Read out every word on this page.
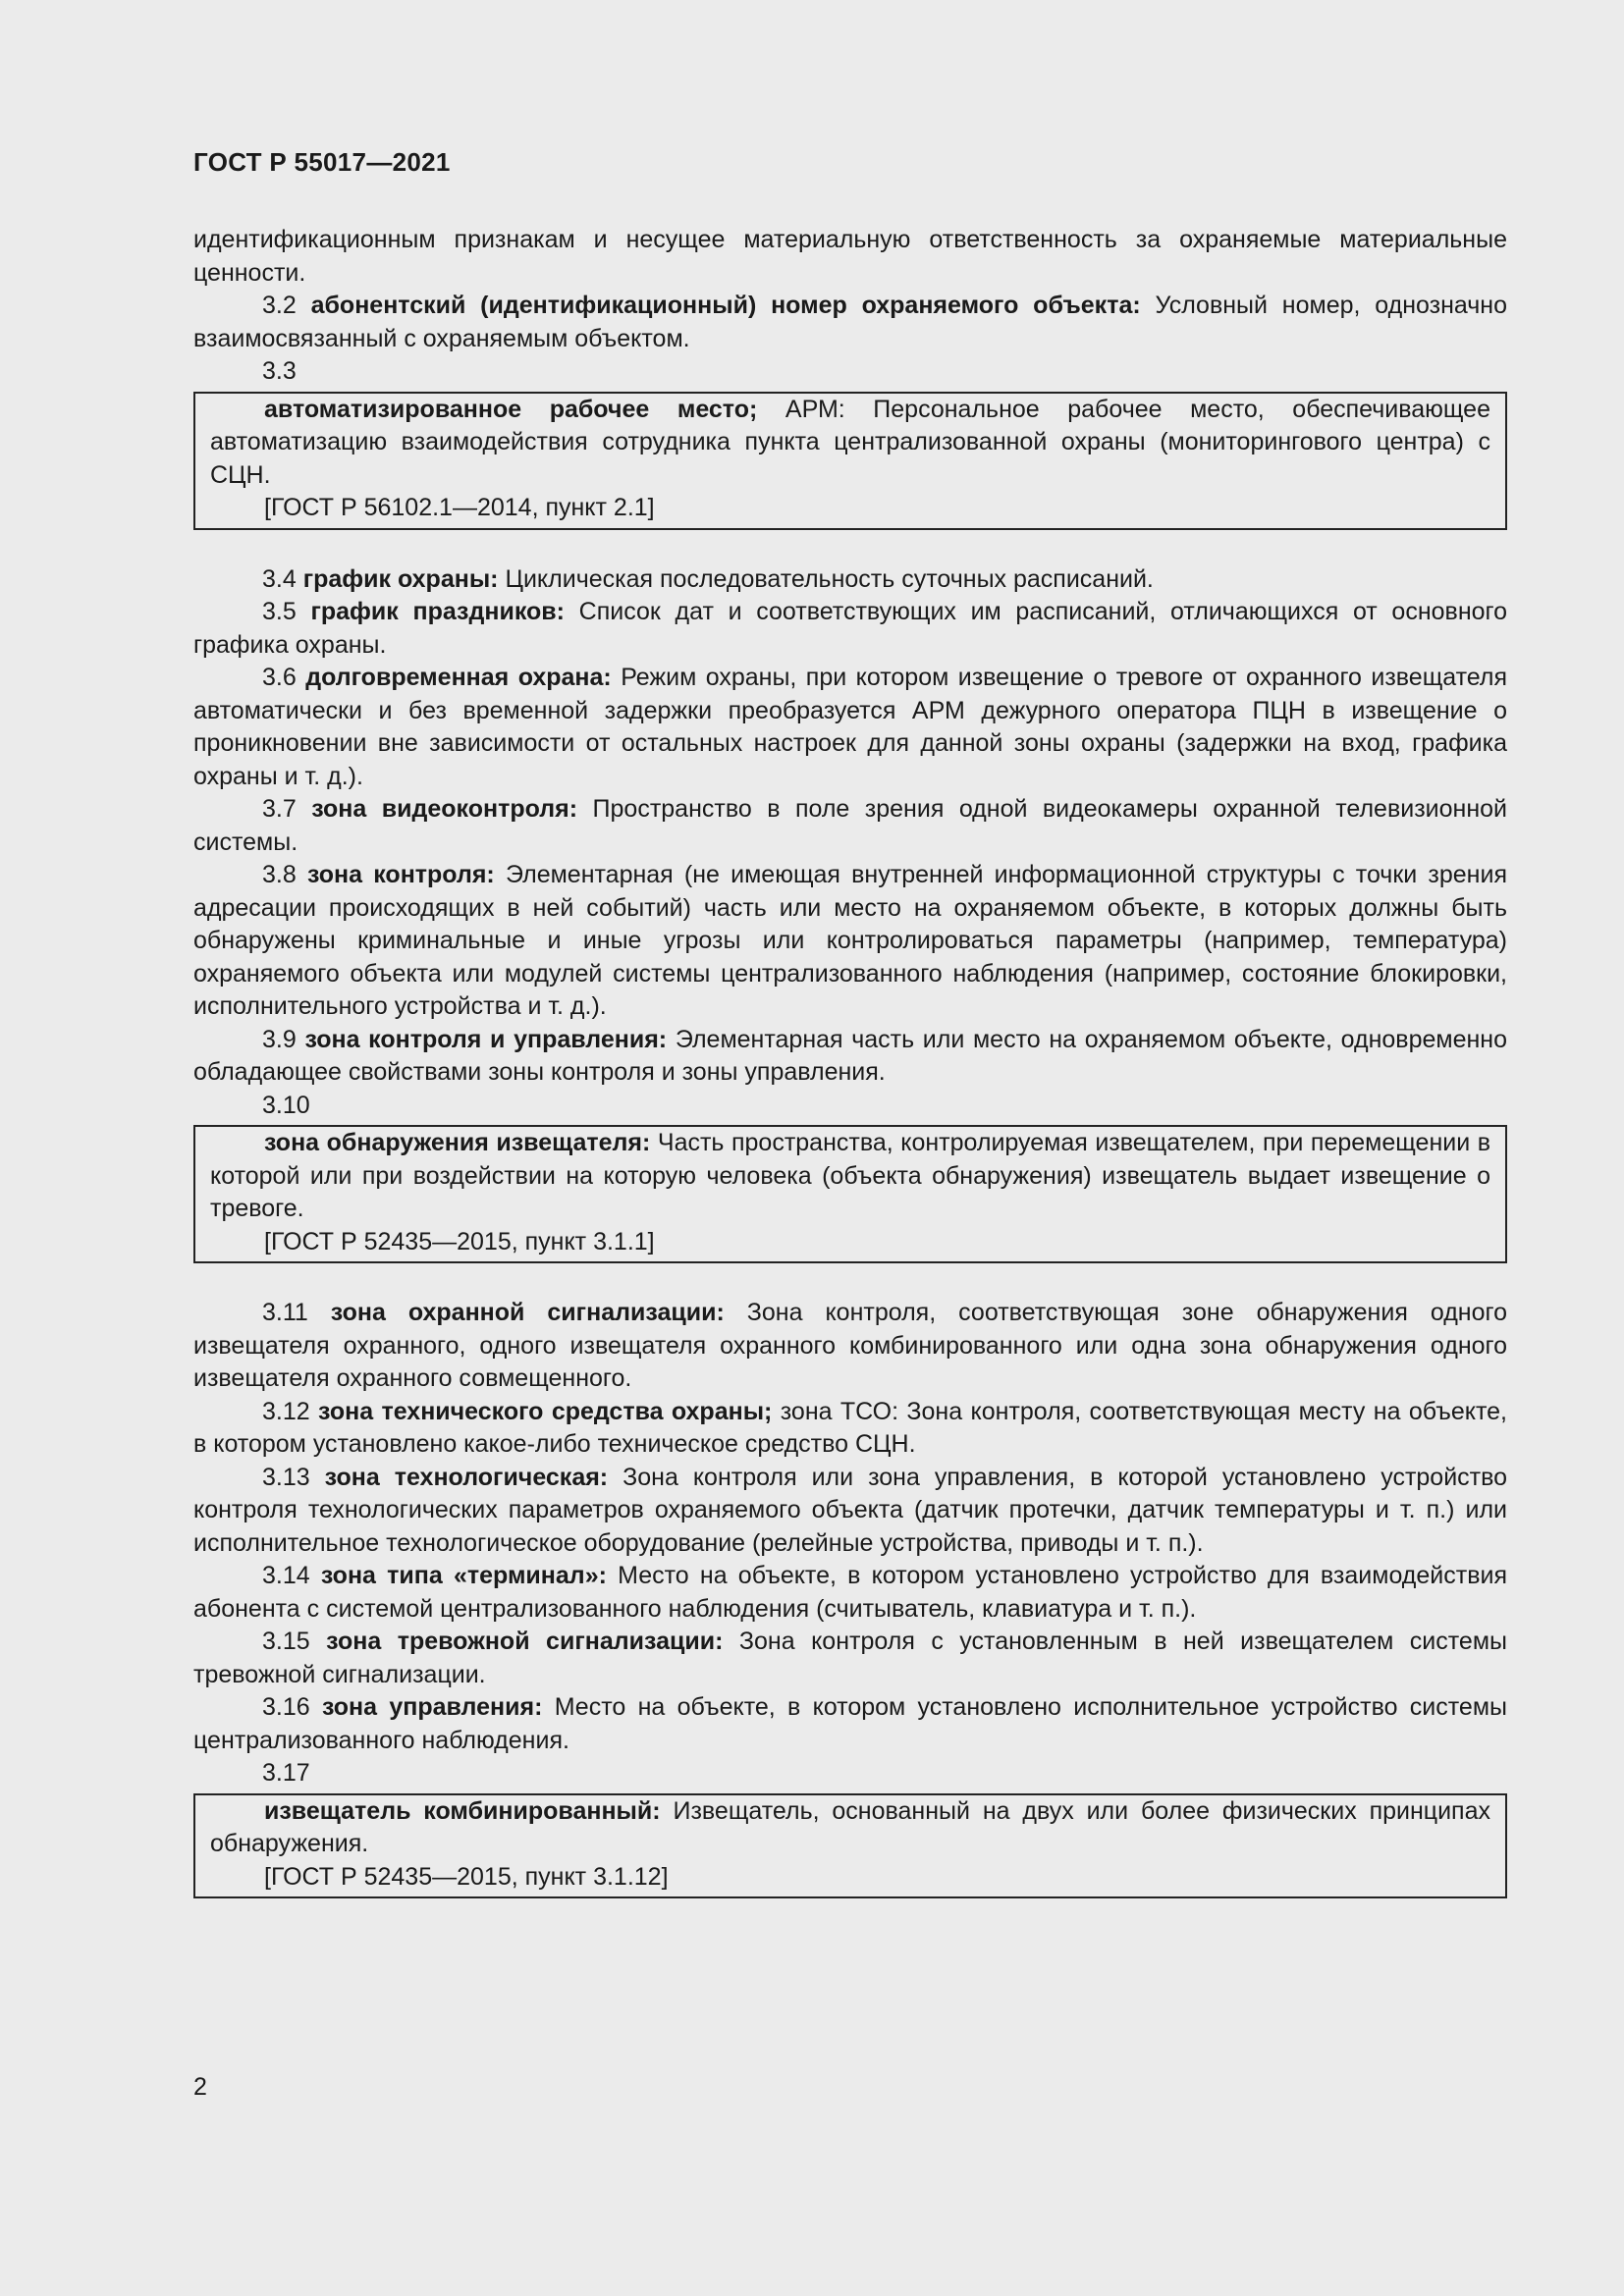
ГОСТ Р 55017—2021

идентификационным признакам и несущее материальную ответственность за охраняемые материальные ценности.

3.2 абонентский (идентификационный) номер охраняемого объекта: Условный номер, однозначно взаимосвязанный с охраняемым объектом.

3.3

автоматизированное рабочее место; АРМ: Персональное рабочее место, обеспечивающее автоматизацию взаимодействия сотрудника пункта централизованной охраны (мониторингового центра) с СЦН.

[ГОСТ Р 56102.1—2014, пункт 2.1]

3.4 график охраны: Циклическая последовательность суточных расписаний.

3.5 график праздников: Список дат и соответствующих им расписаний, отличающихся от основного графика охраны.

3.6 долговременная охрана: Режим охраны, при котором извещение о тревоге от охранного извещателя автоматически и без временной задержки преобразуется АРМ дежурного оператора ПЦН в извещение о проникновении вне зависимости от остальных настроек для данной зоны охраны (задержки на вход, графика охраны и т. д.).

3.7 зона видеоконтроля: Пространство в поле зрения одной видеокамеры охранной телевизионной системы.

3.8 зона контроля: Элементарная (не имеющая внутренней информационной структуры с точки зрения адресации происходящих в ней событий) часть или место на охраняемом объекте, в которых должны быть обнаружены криминальные и иные угрозы или контролироваться параметры (например, температура) охраняемого объекта или модулей системы централизованного наблюдения (например, состояние блокировки, исполнительного устройства и т. д.).

3.9 зона контроля и управления: Элементарная часть или место на охраняемом объекте, одновременно обладающее свойствами зоны контроля и зоны управления.

3.10

зона обнаружения извещателя: Часть пространства, контролируемая извещателем, при перемещении в которой или при воздействии на которую человека (объекта обнаружения) извещатель выдает извещение о тревоге.

[ГОСТ Р 52435—2015, пункт 3.1.1]

3.11 зона охранной сигнализации: Зона контроля, соответствующая зоне обнаружения одного извещателя охранного, одного извещателя охранного комбинированного или одна зона обнаружения одного извещателя охранного совмещенного.

3.12 зона технического средства охраны; зона ТСО: Зона контроля, соответствующая месту на объекте, в котором установлено какое-либо техническое средство СЦН.

3.13 зона технологическая: Зона контроля или зона управления, в которой установлено устройство контроля технологических параметров охраняемого объекта (датчик протечки, датчик температуры и т. п.) или исполнительное технологическое оборудование (релейные устройства, приводы и т. п.).

3.14 зона типа «терминал»: Место на объекте, в котором установлено устройство для взаимодействия абонента с системой централизованного наблюдения (считыватель, клавиатура и т. п.).

3.15 зона тревожной сигнализации: Зона контроля с установленным в ней извещателем системы тревожной сигнализации.

3.16 зона управления: Место на объекте, в котором установлено исполнительное устройство системы централизованного наблюдения.

3.17

извещатель комбинированный: Извещатель, основанный на двух или более физических принципах обнаружения.

[ГОСТ Р 52435—2015, пункт 3.1.12]

2
